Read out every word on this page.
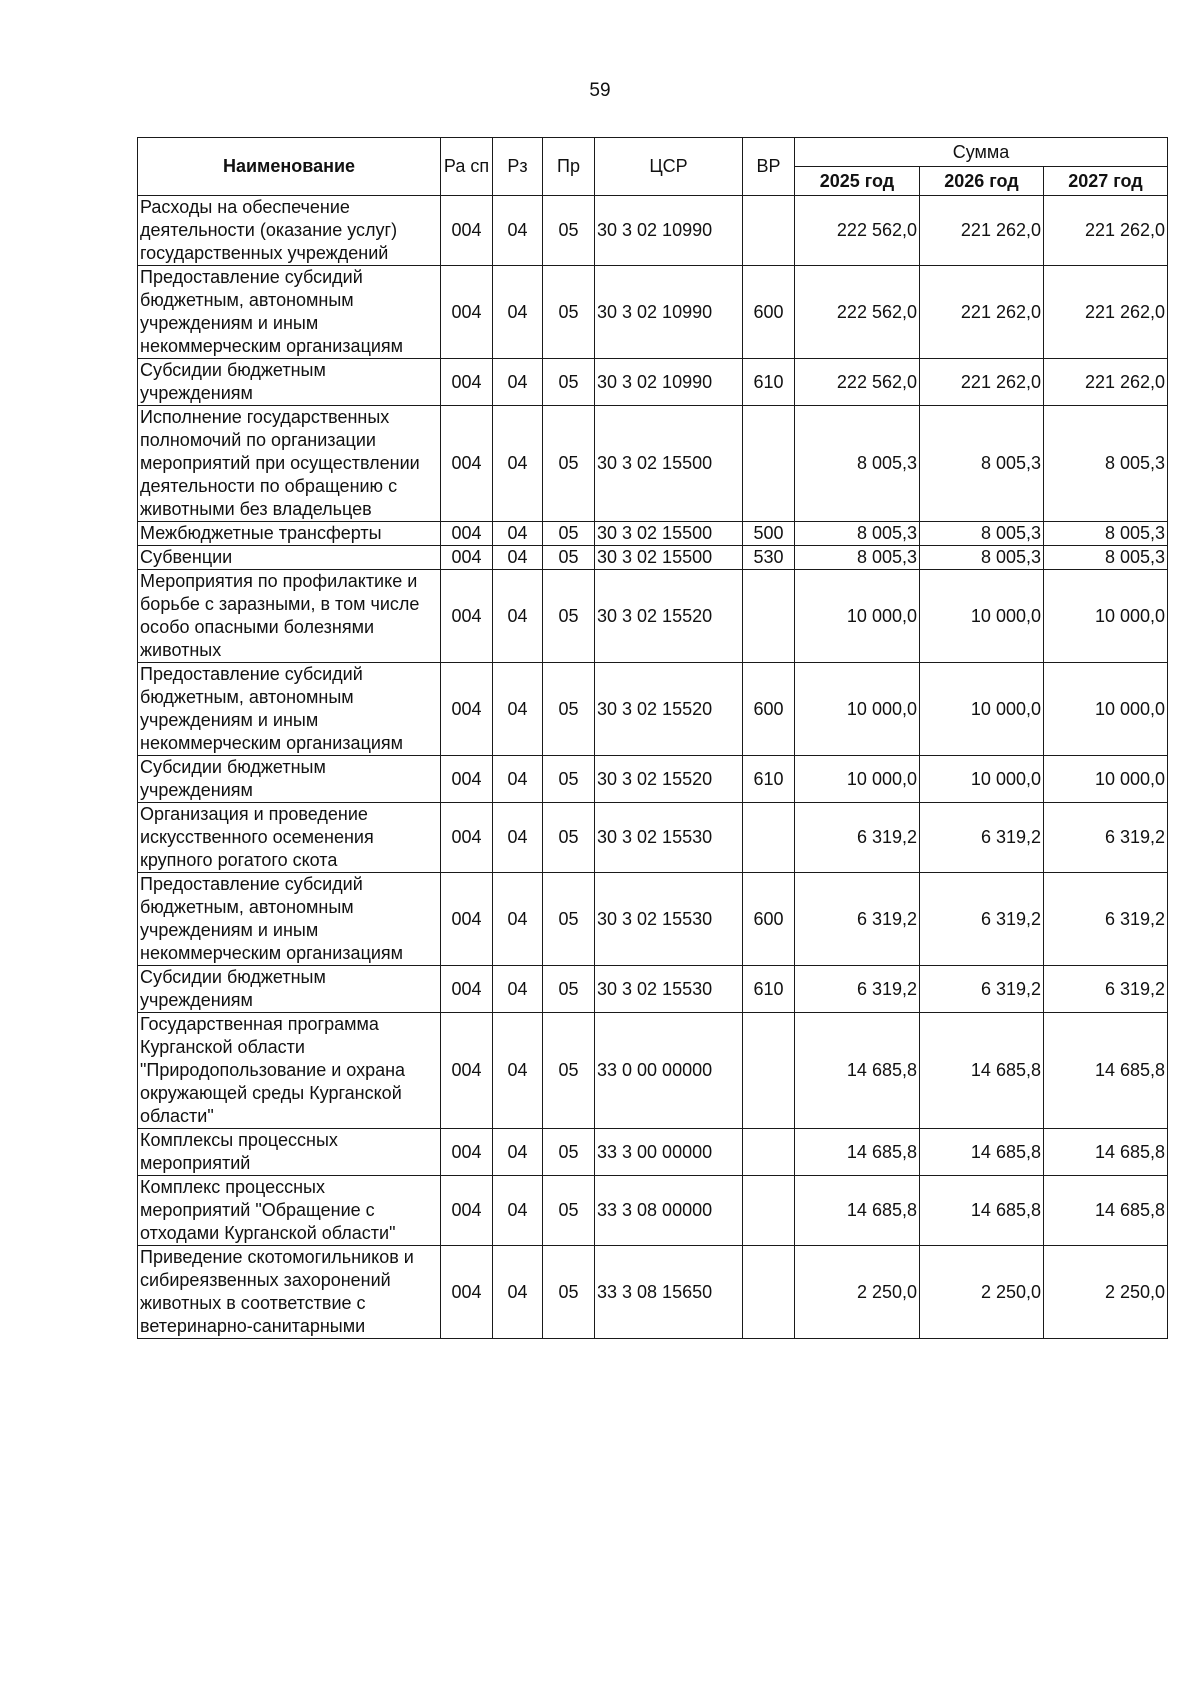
59
Наименование	Ра сп	Рз	Пр	ЦСР	ВР	Сумма		
						2025 год	2026 год	2027 год
Расходы на обеспечение деятельности (оказание услуг) государственных учреждений	004	04	05	30 3 02 10990		222 562,0	221 262,0	221 262,0
Предоставление субсидий бюджетным, автономным учреждениям и иным некоммерческим организациям	004	04	05	30 3 02 10990	600	222 562,0	221 262,0	221 262,0
Субсидии бюджетным учреждениям	004	04	05	30 3 02 10990	610	222 562,0	221 262,0	221 262,0
Исполнение государственных полномочий по организации мероприятий при осуществлении деятельности по обращению с животными без владельцев	004	04	05	30 3 02 15500		8 005,3	8 005,3	8 005,3
Межбюджетные трансферты	004	04	05	30 3 02 15500	500	8 005,3	8 005,3	8 005,3
Субвенции	004	04	05	30 3 02 15500	530	8 005,3	8 005,3	8 005,3
Мероприятия по профилактике и борьбе с заразными, в том числе особо опасными болезнями животных	004	04	05	30 3 02 15520		10 000,0	10 000,0	10 000,0
Предоставление субсидий бюджетным, автономным учреждениям и иным некоммерческим организациям	004	04	05	30 3 02 15520	600	10 000,0	10 000,0	10 000,0
Субсидии бюджетным учреждениям	004	04	05	30 3 02 15520	610	10 000,0	10 000,0	10 000,0
Организация и проведение искусственного осеменения крупного рогатого скота	004	04	05	30 3 02 15530		6 319,2	6 319,2	6 319,2
Предоставление субсидий бюджетным, автономным учреждениям и иным некоммерческим организациям	004	04	05	30 3 02 15530	600	6 319,2	6 319,2	6 319,2
Субсидии бюджетным учреждениям	004	04	05	30 3 02 15530	610	6 319,2	6 319,2	6 319,2
Государственная программа Курганской области "Природопользование и охрана окружающей среды Курганской области"	004	04	05	33 0 00 00000		14 685,8	14 685,8	14 685,8
Комплексы процессных мероприятий	004	04	05	33 3 00 00000		14 685,8	14 685,8	14 685,8
Комплекс процессных мероприятий "Обращение с отходами Курганской области"	004	04	05	33 3 08 00000		14 685,8	14 685,8	14 685,8
Приведение скотомогильников и сибиреязвенных захоронений животных в соответствие с ветеринарно-санитарными	004	04	05	33 3 08 15650		2 250,0	2 250,0	2 250,0
